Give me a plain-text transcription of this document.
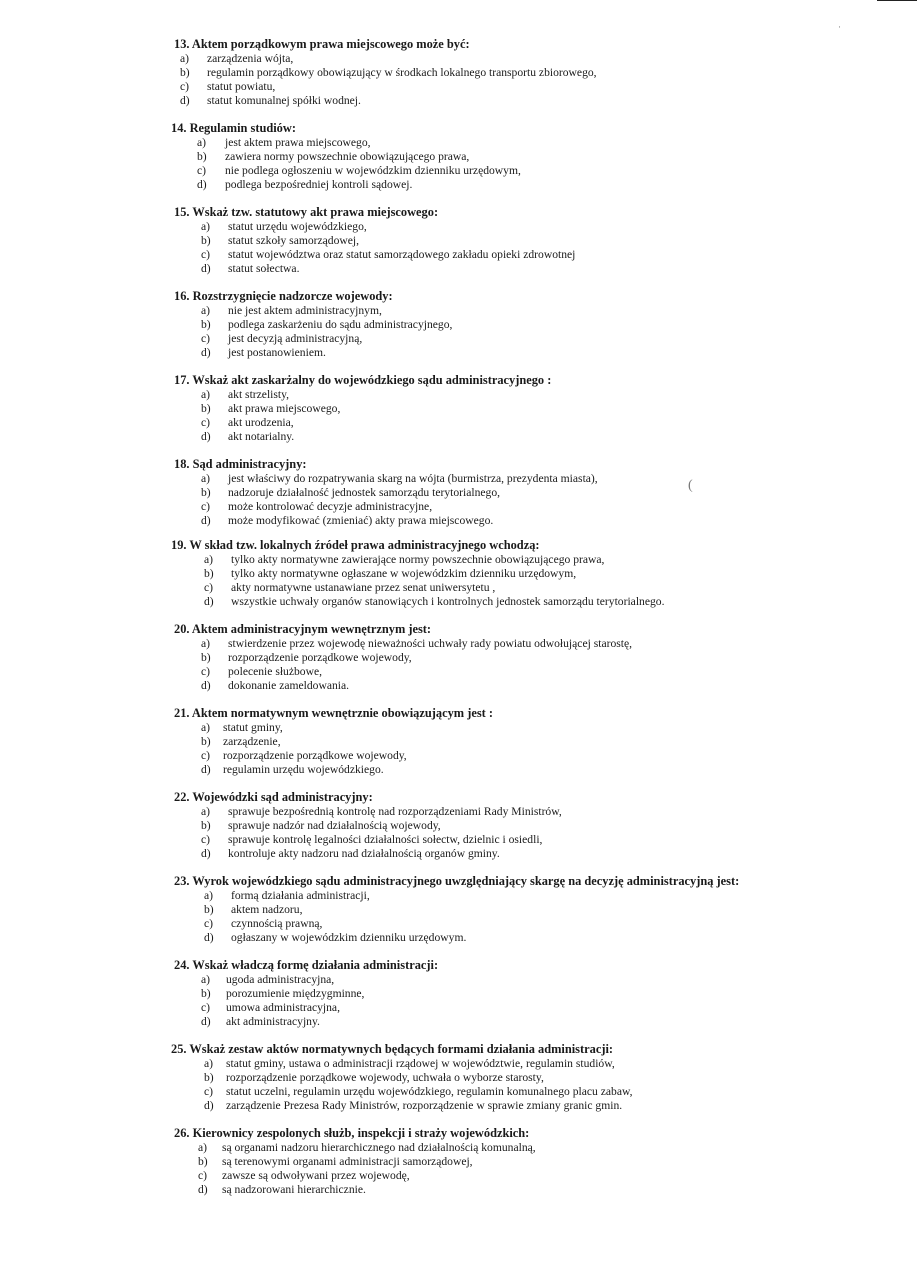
·
(
13. Aktem porządkowym prawa miejscowego może być:
a) zarządzenia wójta,
b) regulamin porządkowy obowiązujący w środkach lokalnego transportu zbiorowego,
c) statut powiatu,
d) statut komunalnej spółki wodnej.
14. Regulamin studiów:
a) jest aktem prawa miejscowego,
b) zawiera normy powszechnie obowiązującego prawa,
c) nie podlega ogłoszeniu w wojewódzkim dzienniku urzędowym,
d) podlega bezpośredniej kontroli sądowej.
15. Wskaż tzw. statutowy akt prawa miejscowego:
a) statut urzędu wojewódzkiego,
b) statut szkoły samorządowej,
c) statut województwa oraz statut samorządowego zakładu opieki zdrowotnej
d) statut sołectwa.
16. Rozstrzygnięcie nadzorcze wojewody:
a) nie jest aktem administracyjnym,
b) podlega zaskarżeniu do sądu administracyjnego,
c) jest decyzją administracyjną,
d) jest postanowieniem.
17. Wskaż akt zaskarżalny do wojewódzkiego sądu administracyjnego :
a) akt strzelisty,
b) akt prawa miejscowego,
c) akt urodzenia,
d) akt notarialny.
18. Sąd administracyjny:
a) jest właściwy do rozpatrywania skarg na wójta (burmistrza, prezydenta miasta),
b) nadzoruje działalność jednostek samorządu terytorialnego,
c) może kontrolować decyzje administracyjne,
d) może modyfikować (zmieniać) akty prawa miejscowego.
19. W skład tzw. lokalnych źródeł prawa administracyjnego wchodzą:
a) tylko akty normatywne zawierające normy powszechnie obowiązującego prawa,
b) tylko akty normatywne ogłaszane w wojewódzkim dzienniku urzędowym,
c) akty normatywne ustanawiane przez senat uniwersytetu ,
d) wszystkie uchwały organów stanowiących i kontrolnych jednostek samorządu terytorialnego.
20. Aktem administracyjnym wewnętrznym jest:
a) stwierdzenie przez wojewodę nieważności uchwały rady powiatu odwołującej starostę,
b) rozporządzenie porządkowe wojewody,
c) polecenie służbowe,
d) dokonanie zameldowania.
21. Aktem normatywnym wewnętrznie obowiązującym jest :
a) statut gminy,
b) zarządzenie,
c) rozporządzenie porządkowe wojewody,
d) regulamin urzędu wojewódzkiego.
22. Wojewódzki sąd administracyjny:
a) sprawuje bezpośrednią kontrolę nad rozporządzeniami Rady Ministrów,
b) sprawuje nadzór nad działalnością wojewody,
c) sprawuje kontrolę legalności działalności sołectw, dzielnic i osiedli,
d) kontroluje akty nadzoru nad działalnością organów gminy.
23. Wyrok wojewódzkiego sądu administracyjnego uwzględniający skargę na decyzję administracyjną jest:
a) formą działania administracji,
b) aktem nadzoru,
c) czynnością prawną,
d) ogłaszany w wojewódzkim dzienniku urzędowym.
24. Wskaż władczą formę działania administracji:
a) ugoda administracyjna,
b) porozumienie międzygminne,
c) umowa administracyjna,
d) akt administracyjny.
25. Wskaż zestaw aktów normatywnych będących formami działania administracji:
a) statut gminy, ustawa o administracji rządowej w województwie, regulamin studiów,
b) rozporządzenie porządkowe wojewody, uchwała o wyborze starosty,
c) statut uczelni, regulamin urzędu wojewódzkiego, regulamin komunalnego placu zabaw,
d) zarządzenie Prezesa Rady Ministrów, rozporządzenie w sprawie zmiany granic gmin.
26. Kierownicy zespolonych służb, inspekcji i straży wojewódzkich:
a) są organami nadzoru hierarchicznego nad działalnością komunalną,
b) są terenowymi organami administracji samorządowej,
c) zawsze są odwoływani przez wojewodę,
d) są nadzorowani hierarchicznie.
